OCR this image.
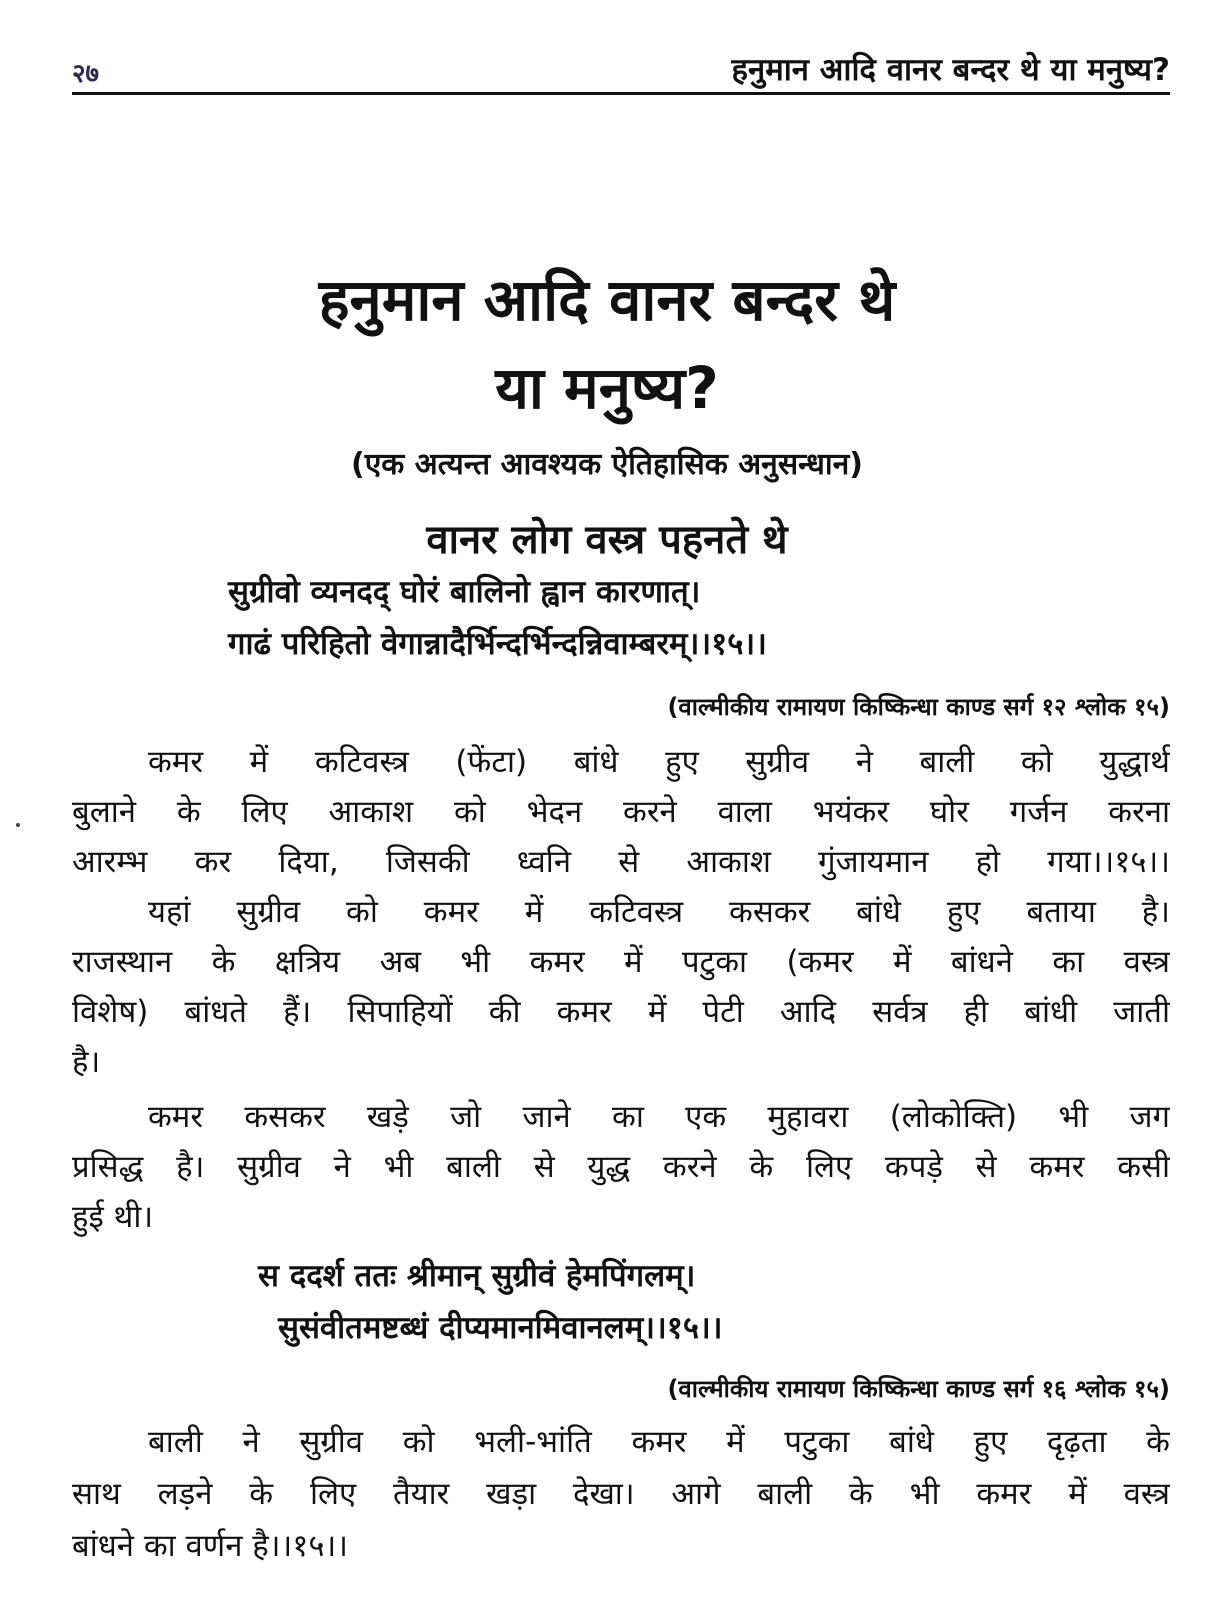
२७	हनुमान आदि वानर बन्दर थे या मनुष्य?
हनुमान आदि वानर बन्दर थे
या मनुष्य?
(एक अत्यन्त आवश्यक ऐतिहासिक अनुसन्धान)
वानर लोग वस्त्र पहनते थे
सुग्रीवो व्यनदद् घोरं बालिनो ह्वान कारणात्।
गाढं परिहितो वेगान्नादैर्भिन्दर्भिन्दन्निवाम्बरम्।।१५।।
(वाल्मीकीय रामायण किष्किन्धा काण्ड सर्ग १२ श्लोक १५)
कमर में कटिवस्त्र (फेंटा) बांधे हुए सुग्रीव ने बाली को युद्धार्थ
बुलाने के लिए आकाश को भेदन करने वाला भयंकर घोर गर्जन करना
आरम्भ कर दिया, जिसकी ध्वनि से आकाश गुंजायमान हो गया।।१५।।
यहां सुग्रीव को कमर में कटिवस्त्र कसकर बांधे हुए बताया है।
राजस्थान के क्षत्रिय अब भी कमर में पटुका (कमर में बांधने का वस्त्र
विशेष) बांधते हैं। सिपाहियों की कमर में पेटी आदि सर्वत्र ही बांधी जाती
है।
कमर कसकर खड़े जो जाने का एक मुहावरा (लोकोक्ति) भी जग
प्रसिद्ध है। सुग्रीव ने भी बाली से युद्ध करने के लिए कपड़े से कमर कसी
हुई थी।
स ददर्श ततः श्रीमान् सुग्रीवं हेमपिंगलम्।
सुसंवीतमष्टब्धं दीप्यमानमिवानलम्।।१५।।
(वाल्मीकीय रामायण किष्किन्धा काण्ड सर्ग १६ श्लोक १५)
बाली ने सुग्रीव को भली-भांति कमर में पटुका बांधे हुए दृढ़ता के
साथ लड़ने के लिए तैयार खड़ा देखा। आगे बाली के भी कमर में वस्त्र
बांधने का वर्णन है।।१५।।
